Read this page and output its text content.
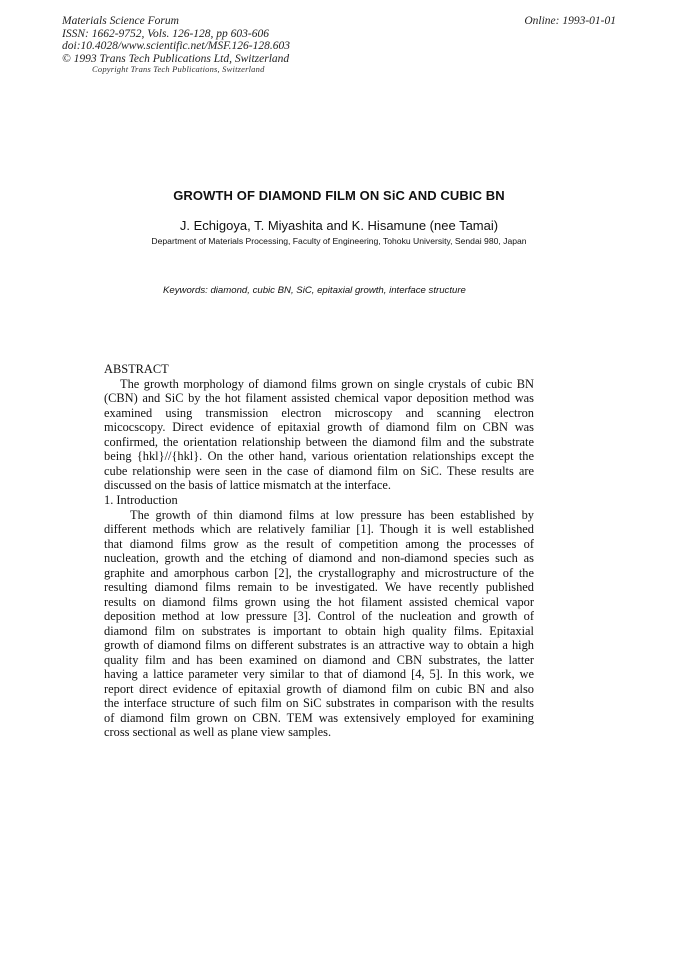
Materials Science Forum
ISSN: 1662-9752, Vols. 126-128, pp 603-606
doi:10.4028/www.scientific.net/MSF.126-128.603
© 1993 Trans Tech Publications Ltd, Switzerland
Copyright Trans Tech Publications, Switzerland
Online: 1993-01-01
GROWTH OF DIAMOND FILM ON SiC AND CUBIC BN
J. Echigoya, T. Miyashita and K. Hisamune (nee Tamai)
Department of Materials Processing, Faculty of Engineering, Tohoku University, Sendai 980, Japan
Keywords: diamond, cubic BN, SiC, epitaxial growth, interface structure
ABSTRACT
The growth morphology of diamond films grown on single crystals of cubic BN
(CBN) and SiC by the hot filament assisted chemical vapor deposition method was
examined using transmission electron microscopy and scanning electron
micocscopy. Direct evidence of epitaxial growth of diamond film on CBN was
confirmed, the orientation relationship between the diamond film and the substrate
being {hkl}//{hkl}. On the other hand, various orientation relationships except the
cube relationship were seen in the case of diamond film on SiC. These results are
discussed on the basis of lattice mismatch at the interface.
1. Introduction
The growth of thin diamond films at low pressure has been established by
different methods which are relatively familiar [1]. Though it is well established
that diamond films grow as the result of competition among the processes of
nucleation, growth and the etching of diamond and non-diamond species such as
graphite and amorphous carbon [2], the crystallography and microstructure of the
resulting diamond films remain to be investigated. We have recently published
results on diamond films grown using the hot filament assisted chemical vapor
deposition method at low pressure [3]. Control of the nucleation and growth of
diamond film on substrates is important to obtain high quality films. Epitaxial
growth of diamond films on different substrates is an attractive way to obtain a high
quality film and has been examined on diamond and CBN substrates, the latter
having a lattice parameter very similar to that of diamond [4, 5]. In this work, we
report direct evidence of epitaxial growth of diamond film on cubic BN and also
the interface structure of such film on SiC substrates in comparison with the results
of diamond film grown on CBN. TEM was extensively employed for examining
cross sectional as well as plane view samples.
